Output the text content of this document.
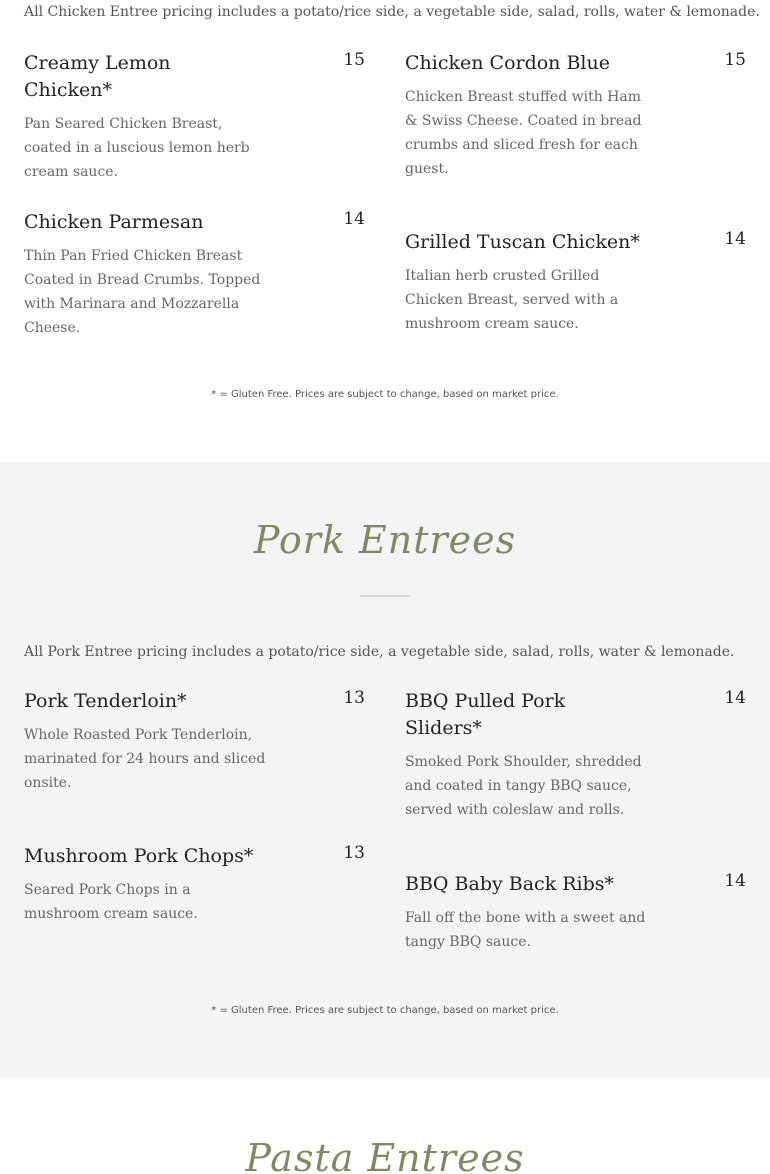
All Chicken Entree pricing includes a potato/rice side, a vegetable side, salad, rolls, water & lemonade.
Creamy Lemon Chicken*
15
Pan Seared Chicken Breast, coated in a luscious lemon herb cream sauce.
Chicken Cordon Blue	15
Chicken Breast stuffed with Ham & Swiss Cheese. Coated in bread crumbs and sliced fresh for each guest.
Chicken Parmesan	14
Thin Pan Fried Chicken Breast Coated in Bread Crumbs. Topped with Marinara and Mozzarella Cheese.
Grilled Tuscan Chicken*	14
Italian herb crusted Grilled Chicken Breast, served with a mushroom cream sauce.
* = Gluten Free. Prices are subject to change, based on market price.
Pork Entrees
All Pork Entree pricing includes a potato/rice side, a vegetable side, salad, rolls, water & lemonade.
Pork Tenderloin*	13
Whole Roasted Pork Tenderloin, marinated for 24 hours and sliced onsite.
BBQ Pulled Pork Sliders*
14
Smoked Pork Shoulder, shredded and coated in tangy BBQ sauce, served with coleslaw and rolls.
Mushroom Pork Chops*	13
Seared Pork Chops in a mushroom cream sauce.
BBQ Baby Back Ribs*	14
Fall off the bone with a sweet and tangy BBQ sauce.
* = Gluten Free. Prices are subject to change, based on market price.
Pasta Entrees
